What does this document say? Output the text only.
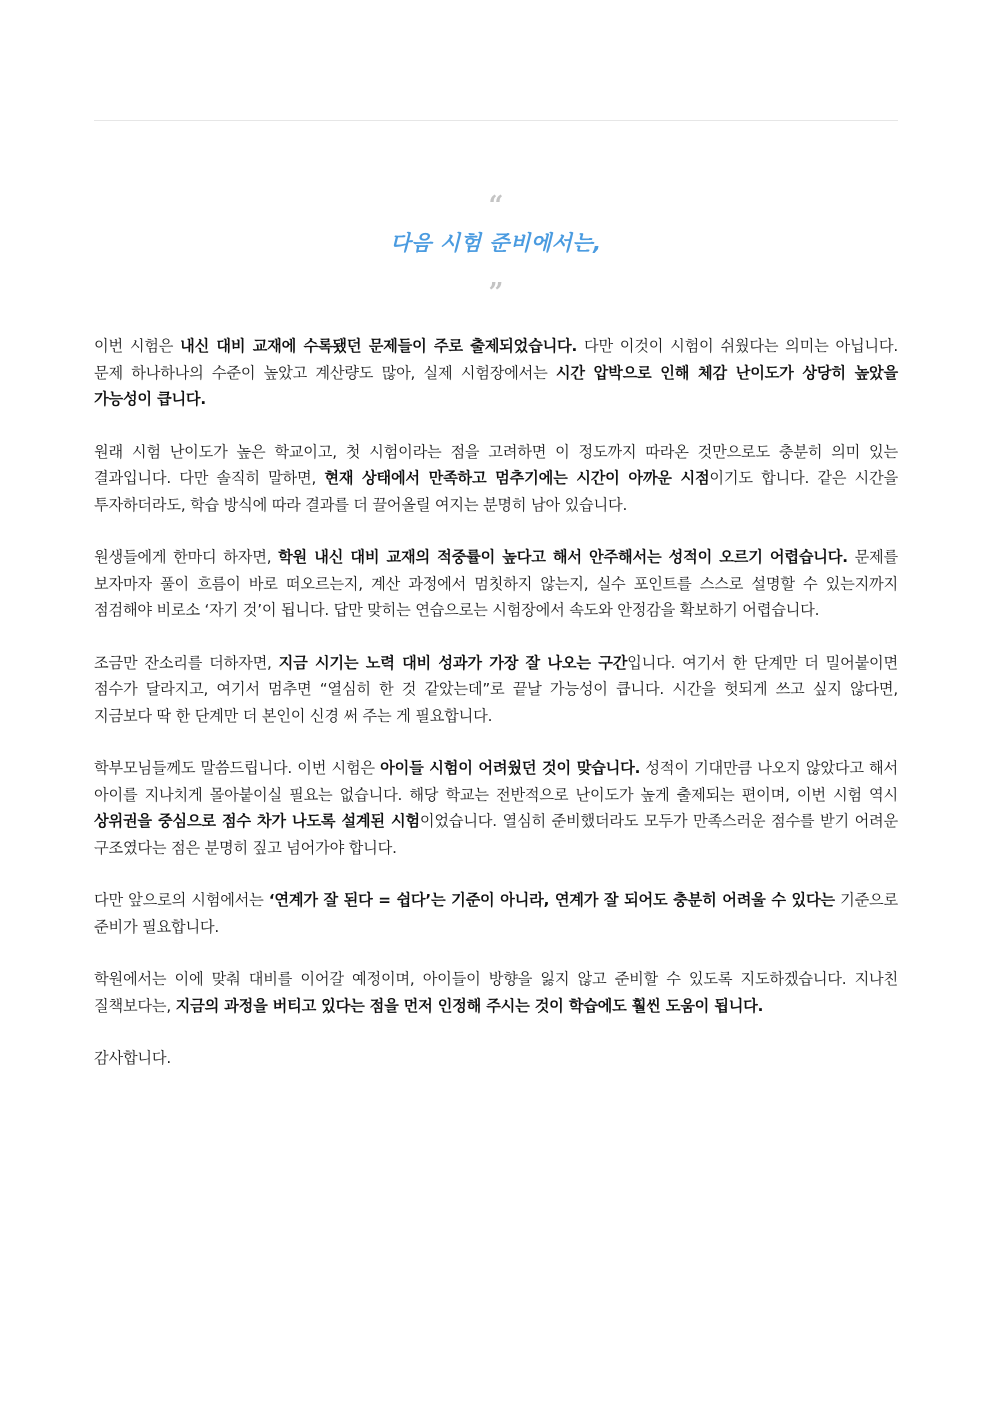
“
다음 시험 준비에서는,
”

이번 시험은 내신 대비 교재에 수록됐던 문제들이 주로 출제되었습니다. 다만 이것이 시험이 쉬웠다는 의미는 아닙니다. 문제 하나하나의 수준이 높았고 계산량도 많아, 실제 시험장에서는 시간 압박으로 인해 체감 난이도가 상당히 높았을 가능성이 큽니다.

원래 시험 난이도가 높은 학교이고, 첫 시험이라는 점을 고려하면 이 정도까지 따라온 것만으로도 충분히 의미 있는 결과입니다. 다만 솔직히 말하면, 현재 상태에서 만족하고 멈추기에는 시간이 아까운 시점이기도 합니다. 같은 시간을 투자하더라도, 학습 방식에 따라 결과를 더 끌어올릴 여지는 분명히 남아 있습니다.

원생들에게 한마디 하자면, 학원 내신 대비 교재의 적중률이 높다고 해서 안주해서는 성적이 오르기 어렵습니다. 문제를 보자마자 풀이 흐름이 바로 떠오르는지, 계산 과정에서 멈칫하지 않는지, 실수 포인트를 스스로 설명할 수 있는지까지 점검해야 비로소 ‘자기 것’이 됩니다. 답만 맞히는 연습으로는 시험장에서 속도와 안정감을 확보하기 어렵습니다.

조금만 잔소리를 더하자면, 지금 시기는 노력 대비 성과가 가장 잘 나오는 구간입니다. 여기서 한 단계만 더 밀어붙이면 점수가 달라지고, 여기서 멈추면 “열심히 한 것 같았는데”로 끝날 가능성이 큽니다. 시간을 헛되게 쓰고 싶지 않다면, 지금보다 딱 한 단계만 더 본인이 신경 써 주는 게 필요합니다.

학부모님들께도 말씀드립니다. 이번 시험은 아이들 시험이 어려웠던 것이 맞습니다. 성적이 기대만큼 나오지 않았다고 해서 아이를 지나치게 몰아붙이실 필요는 없습니다. 해당 학교는 전반적으로 난이도가 높게 출제되는 편이며, 이번 시험 역시 상위권을 중심으로 점수 차가 나도록 설계된 시험이었습니다. 열심히 준비했더라도 모두가 만족스러운 점수를 받기 어려운 구조였다는 점은 분명히 짚고 넘어가야 합니다.

다만 앞으로의 시험에서는 ‘연계가 잘 된다 = 쉽다’는 기준이 아니라, 연계가 잘 되어도 충분히 어려울 수 있다는 기준으로 준비가 필요합니다.

학원에서는 이에 맞춰 대비를 이어갈 예정이며, 아이들이 방향을 잃지 않고 준비할 수 있도록 지도하겠습니다. 지나친 질책보다는, 지금의 과정을 버티고 있다는 점을 먼저 인정해 주시는 것이 학습에도 훨씬 도움이 됩니다.

감사합니다.
